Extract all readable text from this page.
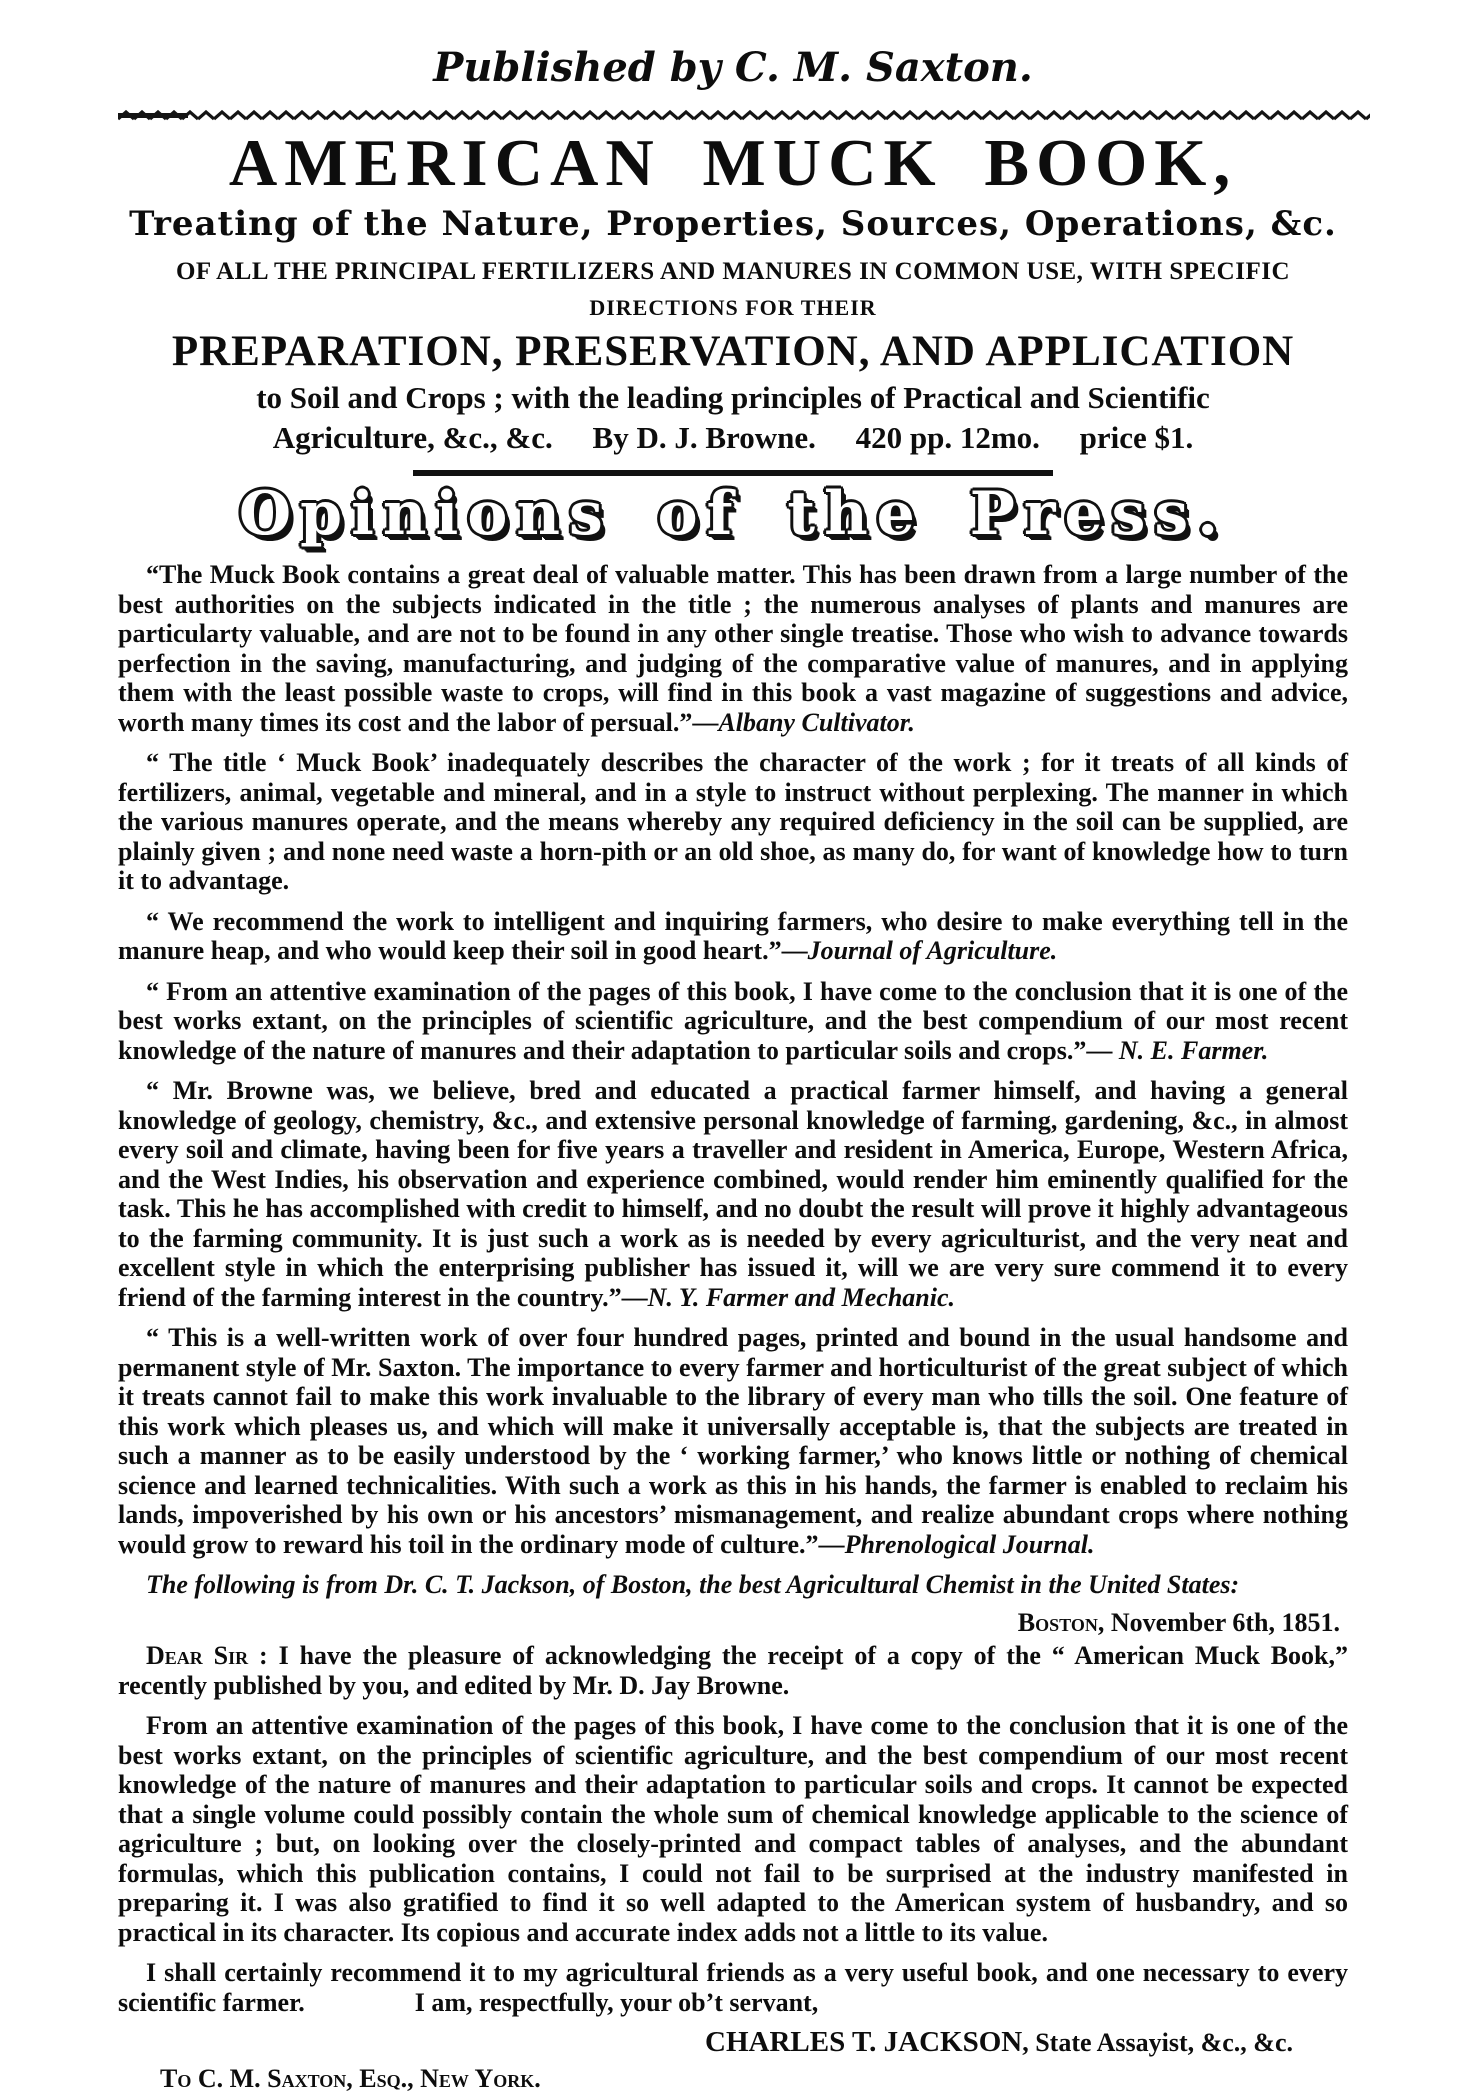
Published by C. M. Saxton.
AMERICAN MUCK BOOK,
Treating of the Nature, Properties, Sources, Operations, &c.
OF ALL THE PRINCIPAL FERTILIZERS AND MANURES IN COMMON USE, WITH SPECIFIC
DIRECTIONS FOR THEIR
PREPARATION, PRESERVATION, AND APPLICATION
to Soil and Crops ; with the leading principles of Practical and Scientific
Agriculture, &c., &c. By D. J. Browne. 420 pp. 12mo. price $1.
Opinions of the Press.

“The Muck Book contains a great deal of valuable matter. This has been drawn from a large number of the best authorities on the subjects indicated in the title ; the numerous analyses of plants and manures are particularty valuable, and are not to be found in any other single treatise. Those who wish to advance towards perfection in the saving, manufacturing, and judging of the comparative value of manures, and in applying them with the least possible waste to crops, will find in this book a vast magazine of suggestions and advice, worth many times its cost and the labor of persual.”—Albany Cultivator.

“ The title ‘ Muck Book’ inadequately describes the character of the work ; for it treats of all kinds of fertilizers, animal, vegetable and mineral, and in a style to instruct without perplexing. The manner in which the various manures operate, and the means whereby any required deficiency in the soil can be supplied, are plainly given ; and none need waste a horn-pith or an old shoe, as many do, for want of knowledge how to turn it to advantage.

“ We recommend the work to intelligent and inquiring farmers, who desire to make everything tell in the manure heap, and who would keep their soil in good heart.”—Journal of Agriculture.

“ From an attentive examination of the pages of this book, I have come to the conclusion that it is one of the best works extant, on the principles of scientific agriculture, and the best compendium of our most recent knowledge of the nature of manures and their adaptation to particular soils and crops.”— N. E. Farmer.

“ Mr. Browne was, we believe, bred and educated a practical farmer himself, and having a general knowledge of geology, chemistry, &c., and extensive personal knowledge of farming, gardening, &c., in almost every soil and climate, having been for five years a traveller and resident in America, Europe, Western Africa, and the West Indies, his observation and experience combined, would render him eminently qualified for the task. This he has accomplished with credit to himself, and no doubt the result will prove it highly advantageous to the farming community. It is just such a work as is needed by every agriculturist, and the very neat and excellent style in which the enterprising publisher has issued it, will we are very sure commend it to every friend of the farming interest in the country.”—N. Y. Farmer and Mechanic.

“ This is a well-written work of over four hundred pages, printed and bound in the usual handsome and permanent style of Mr. Saxton. The importance to every farmer and horticulturist of the great subject of which it treats cannot fail to make this work invaluable to the library of every man who tills the soil. One feature of this work which pleases us, and which will make it universally acceptable is, that the subjects are treated in such a manner as to be easily understood by the ‘ working farmer,’ who knows little or nothing of chemical science and learned technicalities. With such a work as this in his hands, the farmer is enabled to reclaim his lands, impoverished by his own or his ancestors’ mismanagement, and realize abundant crops where nothing would grow to reward his toil in the ordinary mode of culture.”—Phrenological Journal.

The following is from Dr. C. T. Jackson, of Boston, the best Agricultural Chemist in the United States:

Boston, November 6th, 1851.

Dear Sir : I have the pleasure of acknowledging the receipt of a copy of the “ American Muck Book,” recently published by you, and edited by Mr. D. Jay Browne.

From an attentive examination of the pages of this book, I have come to the conclusion that it is one of the best works extant, on the principles of scientific agriculture, and the best compendium of our most recent knowledge of the nature of manures and their adaptation to particular soils and crops. It cannot be expected that a single volume could possibly contain the whole sum of chemical knowledge applicable to the science of agriculture ; but, on looking over the closely-printed and compact tables of analyses, and the abundant formulas, which this publication contains, I could not fail to be surprised at the industry manifested in preparing it. I was also gratified to find it so well adapted to the American system of husbandry, and so practical in its character. Its copious and accurate index adds not a little to its value.

I shall certainly recommend it to my agricultural friends as a very useful book, and one necessary to every scientific farmer.	I am, respectfully, your ob’t servant,

CHARLES T. JACKSON, State Assayist, &c., &c.

To C. M. Saxton, Esq., New York.
